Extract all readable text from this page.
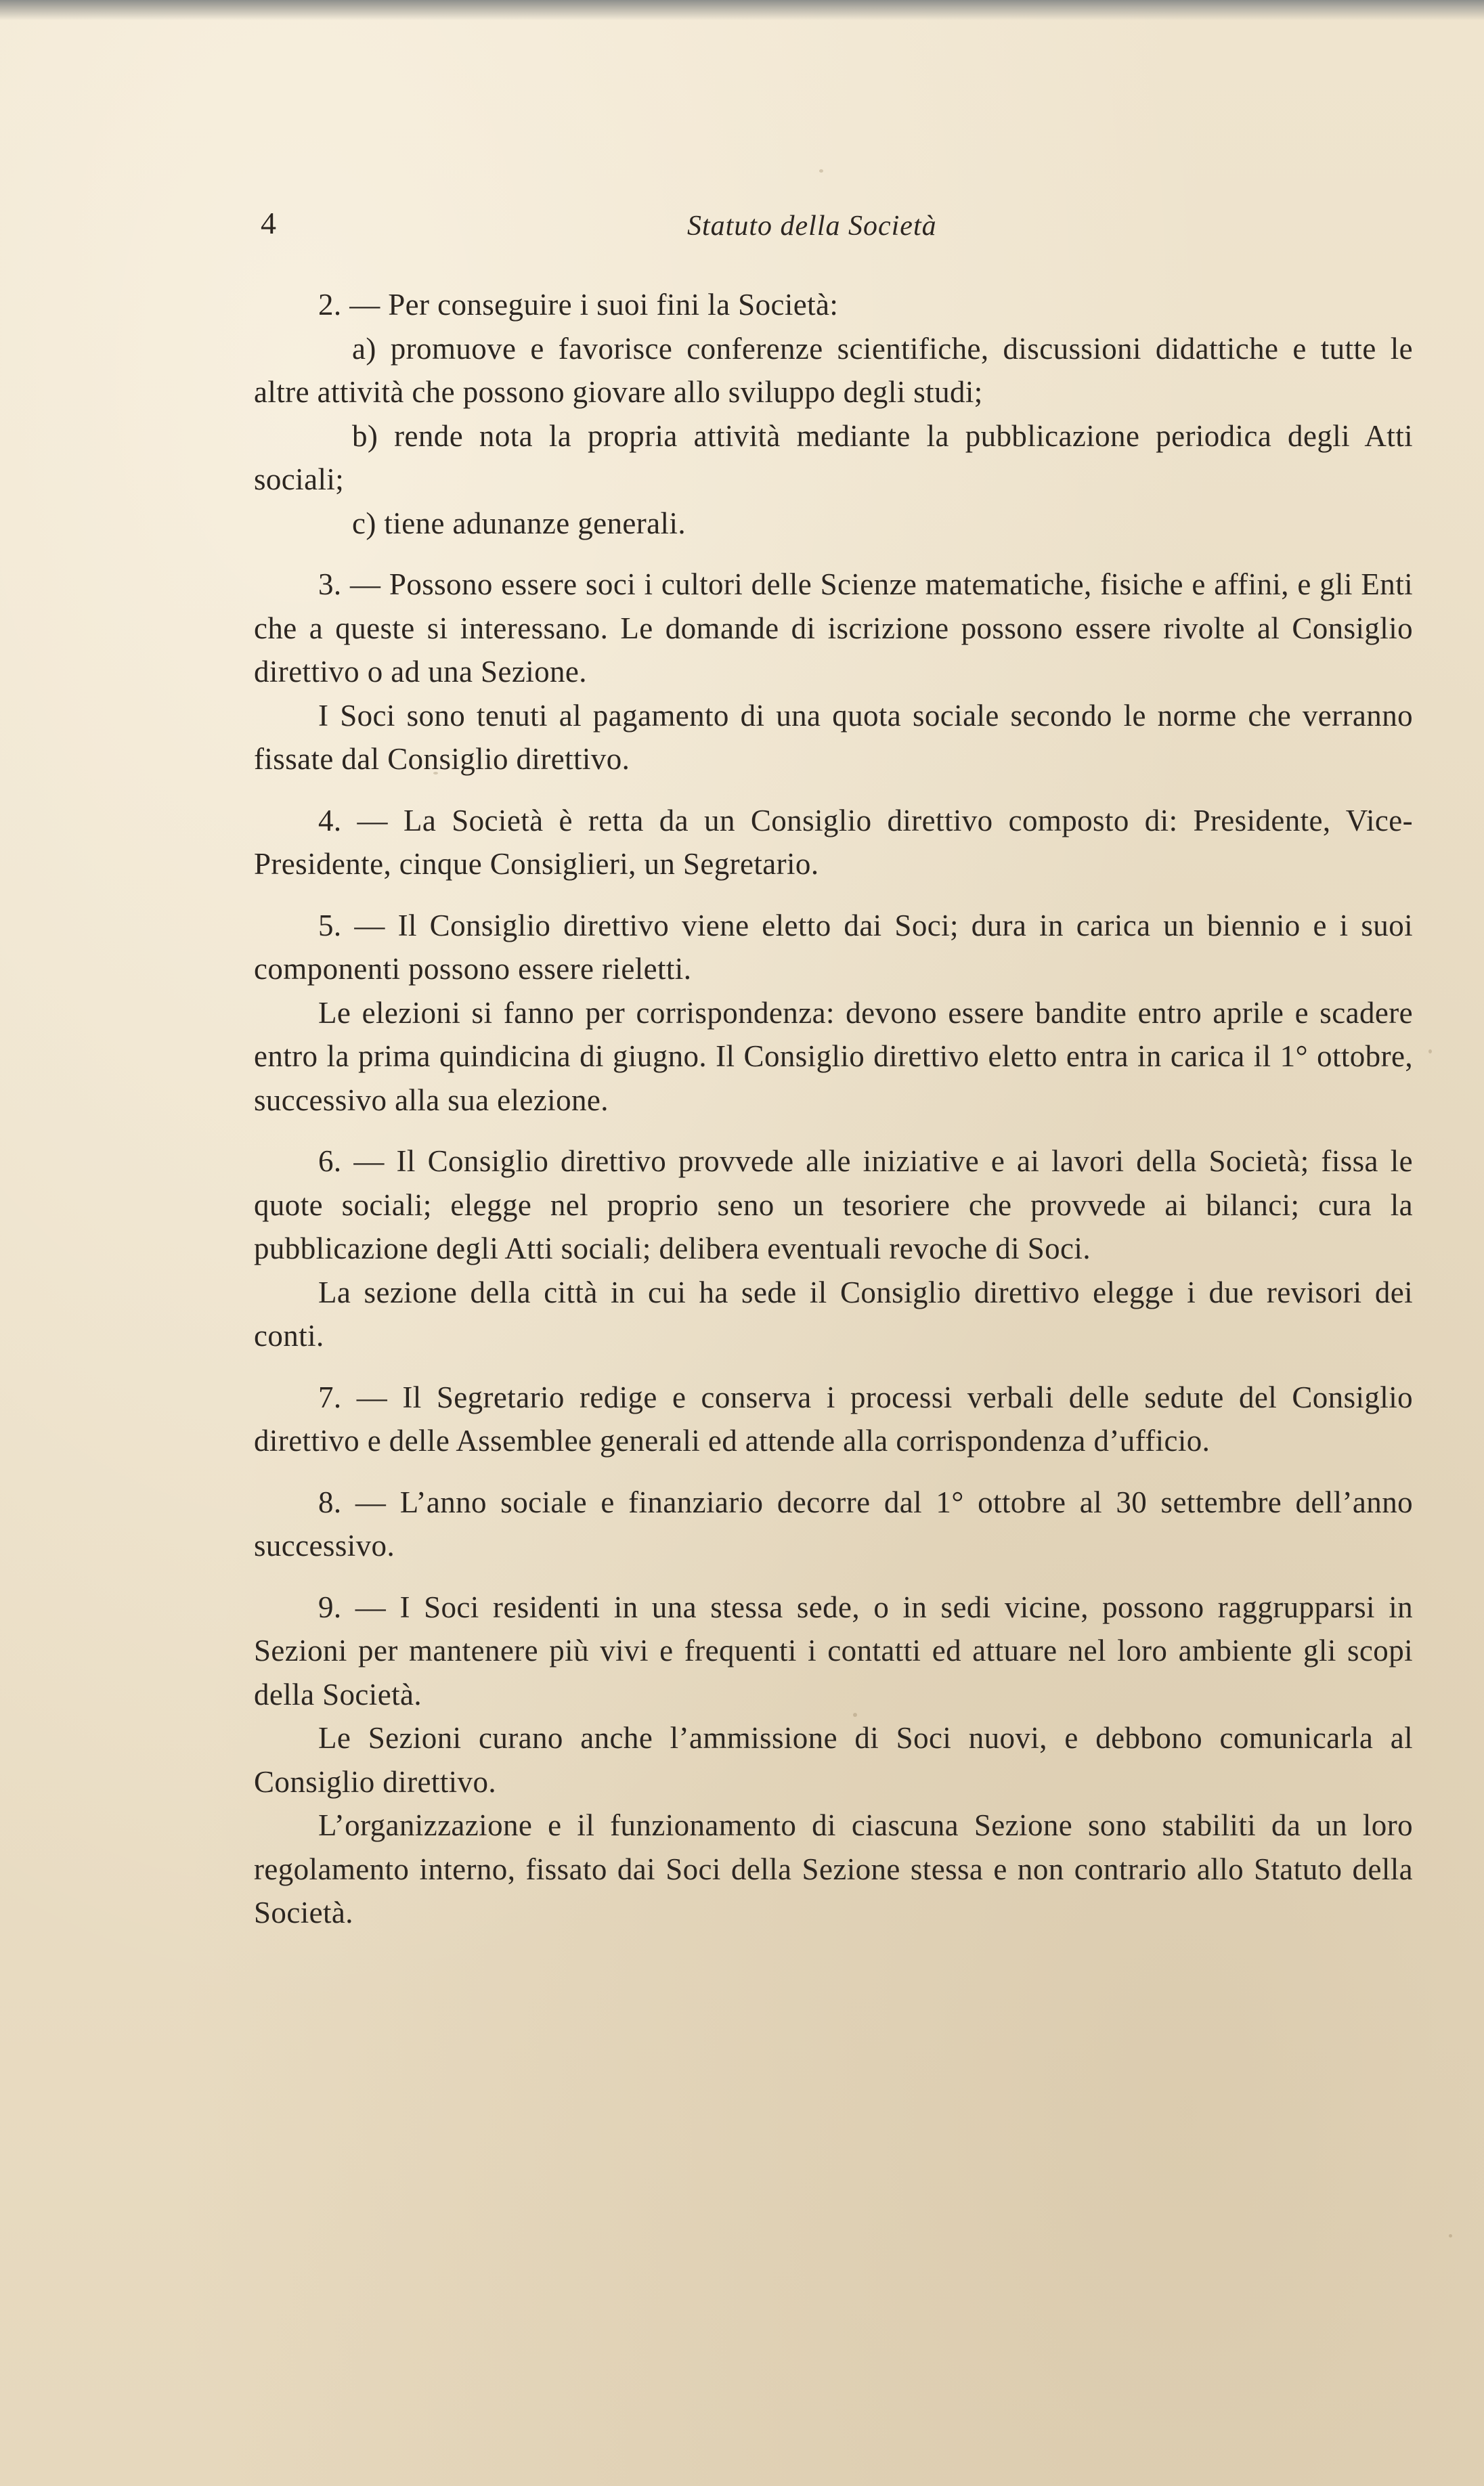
4	Statuto della Società

2. — Per conseguire i suoi fini la Società:

a) promuove e favorisce conferenze scientifiche, discussioni didattiche e tutte le altre attività che possono giovare allo sviluppo degli studi;

b) rende nota la propria attività mediante la pubblicazione periodica degli Atti sociali;

c) tiene adunanze generali.

3. — Possono essere soci i cultori delle Scienze matematiche, fisiche e affini, e gli Enti che a queste si interessano. Le domande di iscrizione possono essere rivolte al Consiglio direttivo o ad una Sezione.

I Soci sono tenuti al pagamento di una quota sociale secondo le norme che verranno fissate dal Consiglio direttivo.

4. — La Società è retta da un Consiglio direttivo composto di: Presidente, Vice-Presidente, cinque Consiglieri, un Segretario.

5. — Il Consiglio direttivo viene eletto dai Soci; dura in carica un biennio e i suoi componenti possono essere rieletti.

Le elezioni si fanno per corrispondenza: devono essere bandite entro aprile e scadere entro la prima quindicina di giugno. Il Consiglio direttivo eletto entra in carica il 1° ottobre, successivo alla sua elezione.

6. — Il Consiglio direttivo provvede alle iniziative e ai lavori della Società; fissa le quote sociali; elegge nel proprio seno un tesoriere che provvede ai bilanci; cura la pubblicazione degli Atti sociali; delibera eventuali revoche di Soci.

La sezione della città in cui ha sede il Consiglio direttivo elegge i due revisori dei conti.

7. — Il Segretario redige e conserva i processi verbali delle sedute del Consiglio direttivo e delle Assemblee generali ed attende alla corrispondenza d’ufficio.

8. — L’anno sociale e finanziario decorre dal 1° ottobre al 30 settembre dell’anno successivo.

9. — I Soci residenti in una stessa sede, o in sedi vicine, possono raggrupparsi in Sezioni per mantenere più vivi e frequenti i contatti ed attuare nel loro ambiente gli scopi della Società.

Le Sezioni curano anche l’ammissione di Soci nuovi, e debbono comunicarla al Consiglio direttivo.

L’organizzazione e il funzionamento di ciascuna Sezione sono stabiliti da un loro regolamento interno, fissato dai Soci della Sezione stessa e non contrario allo Statuto della Società.
